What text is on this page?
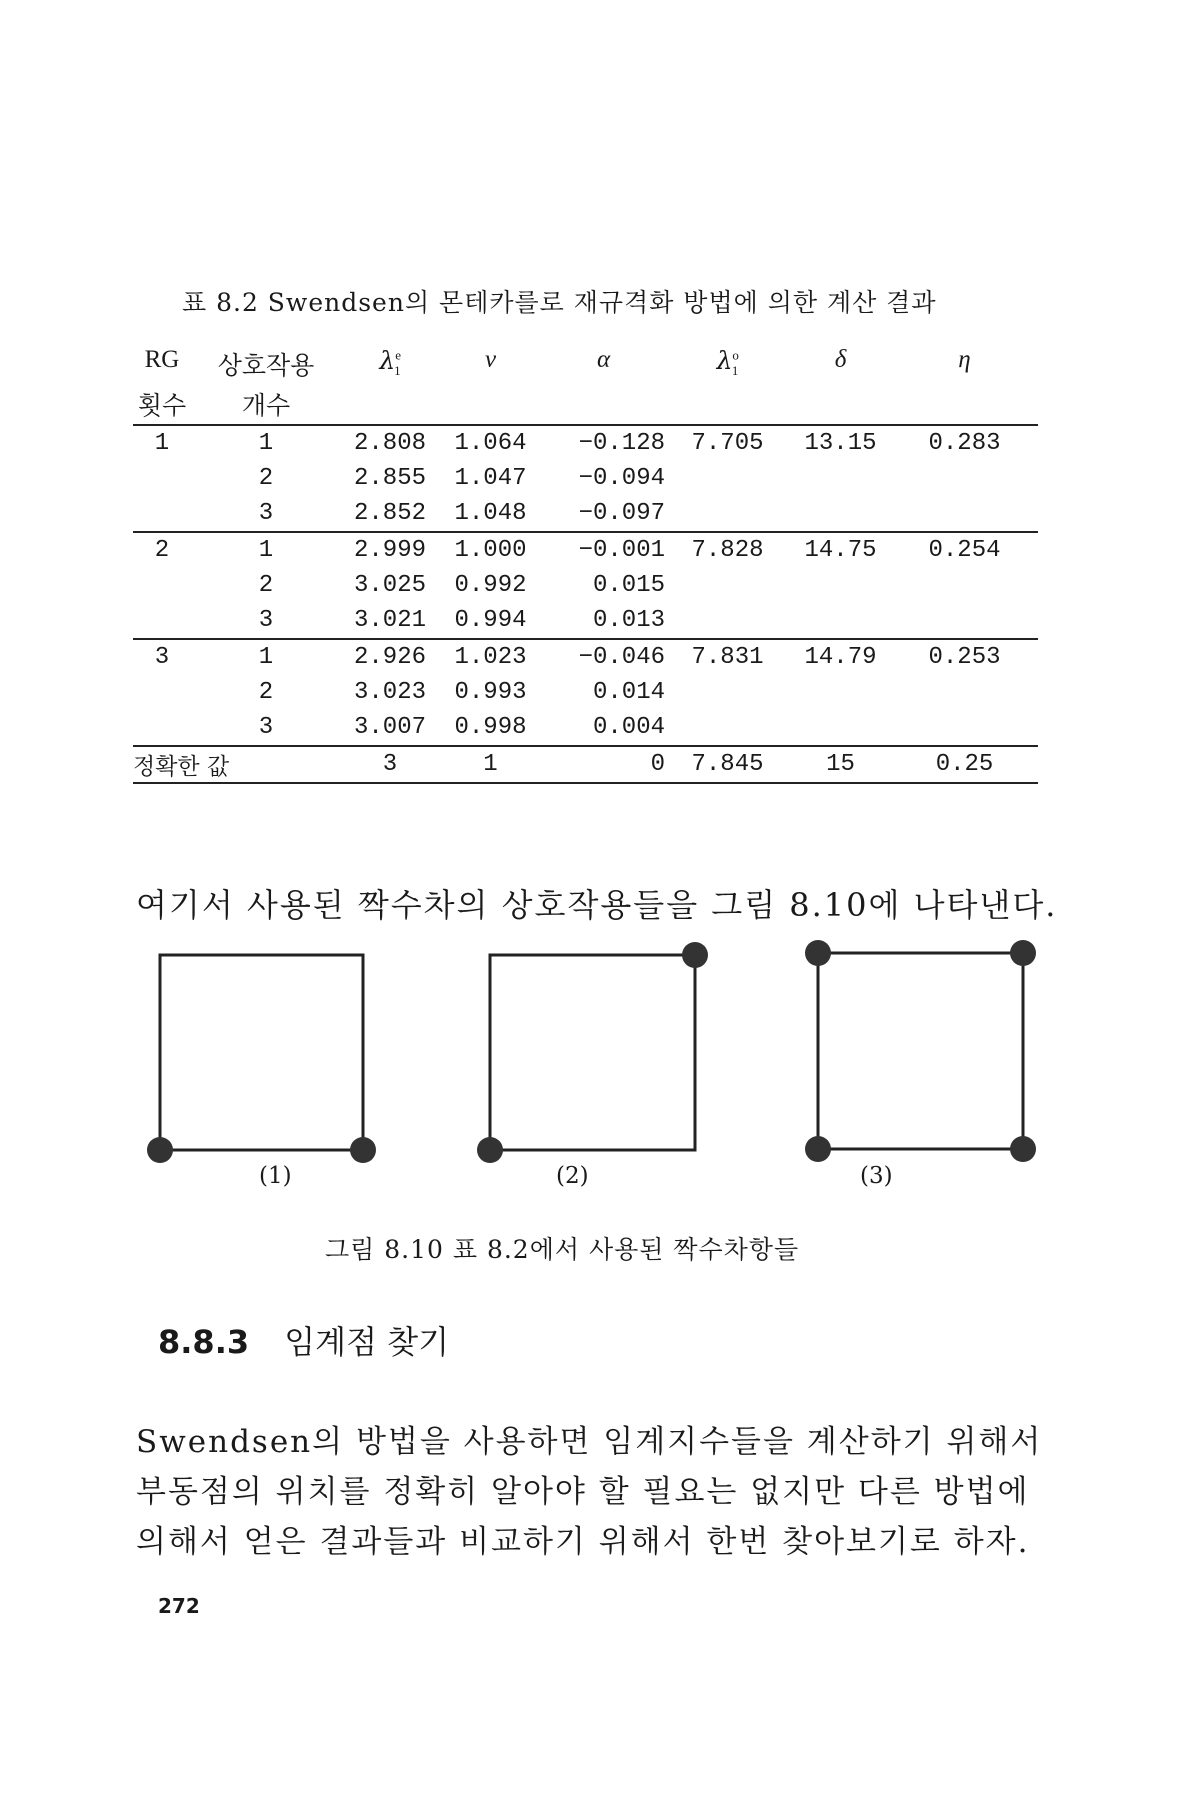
표 8.2 Swendsen의 몬테카를로 재규격화 방법에 의한 계산 결과
RG	상호작용	$\lambda^e_1$	ν	α	$\lambda^o_1$	δ	η
횟수	개수						
1	1	2.808	1.064	−0.128	7.705	13.15	0.283
	2	2.855	1.047	−0.094			
	3	2.852	1.048	−0.097			
2	1	2.999	1.000	−0.001	7.828	14.75	0.254
	2	3.025	0.992	0.015			
	3	3.021	0.994	0.013			
3	1	2.926	1.023	−0.046	7.831	14.79	0.253
	2	3.023	0.993	0.014			
	3	3.007	0.998	0.004			
정확한 값		3	1	0	7.845	15	0.25
여기서 사용된 짝수차의 상호작용들을 그림 8.10에 나타낸다.
(1)	(2)	(3)
그림 8.10 표 8.2에서 사용된 짝수차항들
8.8.3 임계점 찾기
Swendsen의 방법을 사용하면 임계지수들을 계산하기 위해서
부동점의 위치를 정확히 알아야 할 필요는 없지만 다른 방법에
의해서 얻은 결과들과 비교하기 위해서 한번 찾아보기로 하자.
272
